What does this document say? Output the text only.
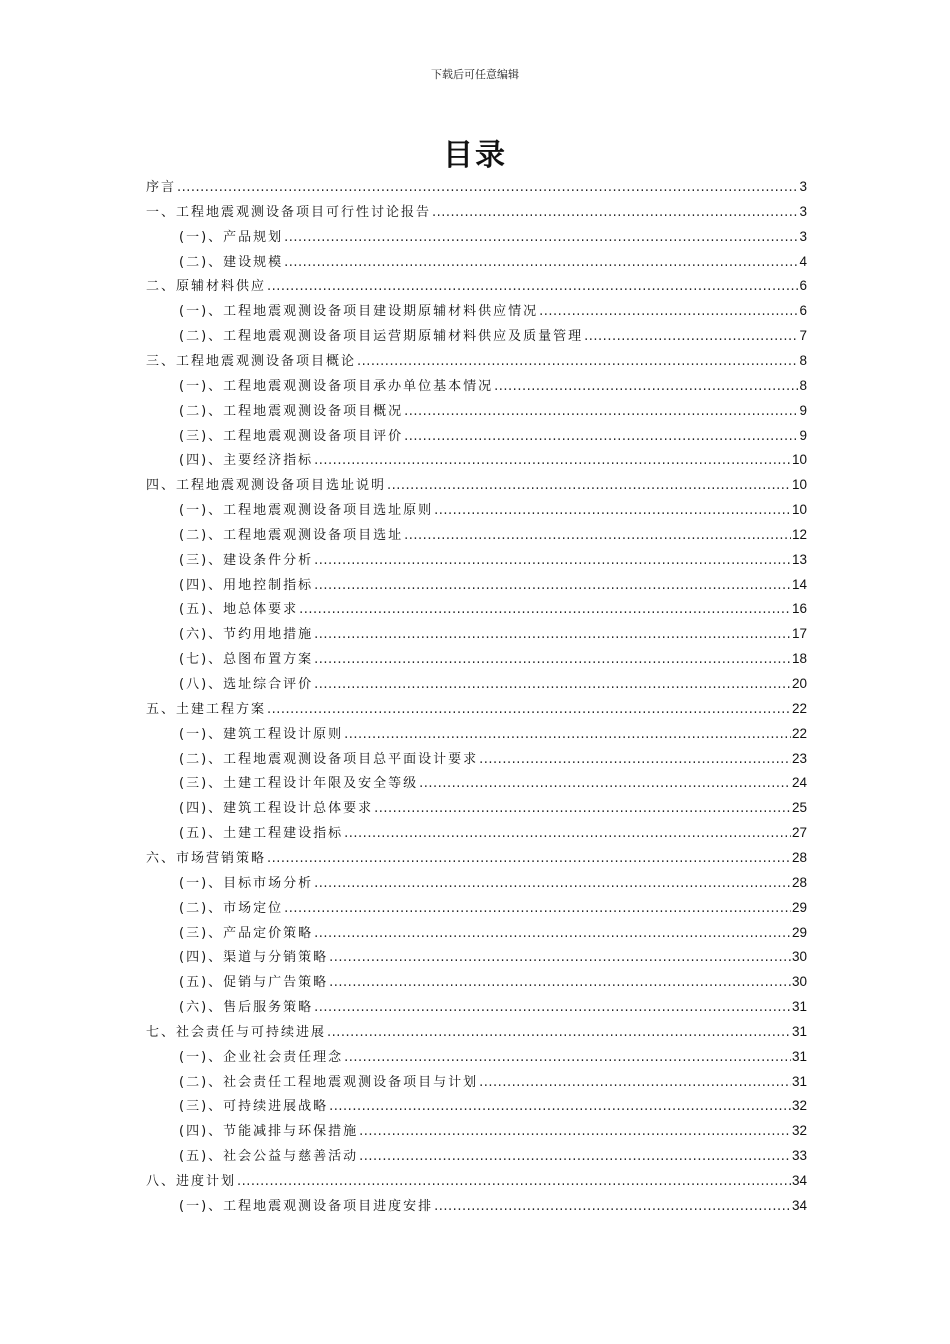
下载后可任意编辑
目录
序言 .....	3
一、工程地震观测设备项目可行性讨论报告 .....	3
(一)、产品规划 .....	3
(二)、建设规模 .....	4
二、原辅材料供应 .....	6
(一)、工程地震观测设备项目建设期原辅材料供应情况 .....	6
(二)、工程地震观测设备项目运营期原辅材料供应及质量管理 .....	7
三、工程地震观测设备项目概论 .....	8
(一)、工程地震观测设备项目承办单位基本情况 .....	8
(二)、工程地震观测设备项目概况 .....	9
(三)、工程地震观测设备项目评价 .....	9
(四)、主要经济指标 .....	10
四、工程地震观测设备项目选址说明 .....	10
(一)、工程地震观测设备项目选址原则 .....	10
(二)、工程地震观测设备项目选址 .....	12
(三)、建设条件分析 .....	13
(四)、用地控制指标 .....	14
(五)、地总体要求 .....	16
(六)、节约用地措施 .....	17
(七)、总图布置方案 .....	18
(八)、选址综合评价 .....	20
五、土建工程方案 .....	22
(一)、建筑工程设计原则 .....	22
(二)、工程地震观测设备项目总平面设计要求 .....	23
(三)、土建工程设计年限及安全等级 .....	24
(四)、建筑工程设计总体要求 .....	25
(五)、土建工程建设指标 .....	27
六、市场营销策略 .....	28
(一)、目标市场分析 .....	28
(二)、市场定位 .....	29
(三)、产品定价策略 .....	29
(四)、渠道与分销策略 .....	30
(五)、促销与广告策略 .....	30
(六)、售后服务策略 .....	31
七、社会责任与可持续进展 .....	31
(一)、企业社会责任理念 .....	31
(二)、社会责任工程地震观测设备项目与计划 .....	31
(三)、可持续进展战略 .....	32
(四)、节能减排与环保措施 .....	32
(五)、社会公益与慈善活动 .....	33
八、进度计划 .....	34
(一)、工程地震观测设备项目进度安排 .....	34
